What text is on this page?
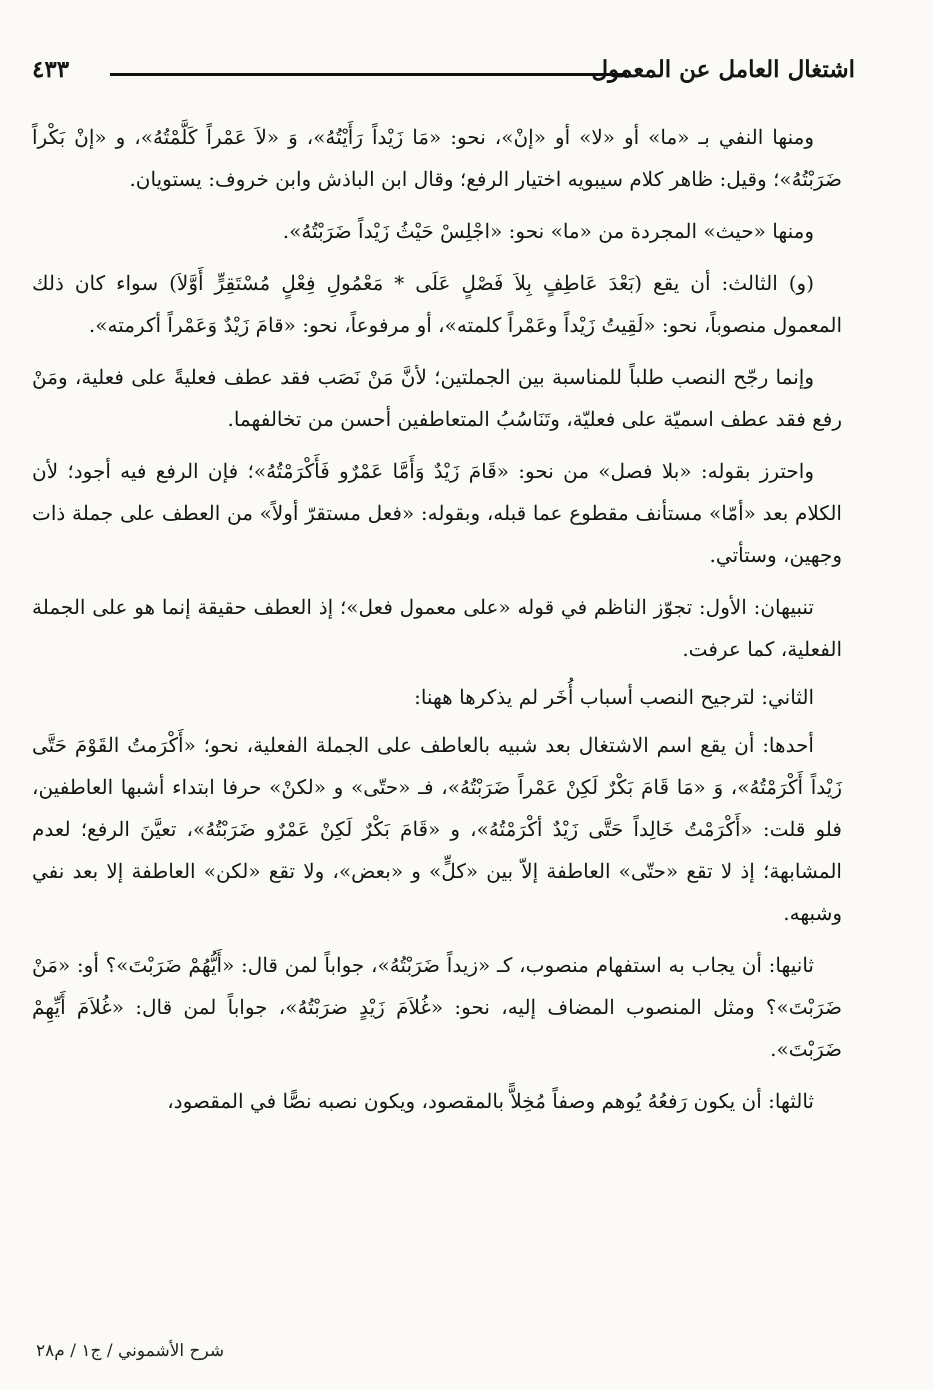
اشتغال العامل عن المعمول
٤٣٣

ومنها النفي بـ «ما» أو «لا» أو «إنْ»، نحو: «مَا زَيْداً رَأَيْتُهُ»، وَ «لاَ عَمْراً كَلَّمْتُهُ»، و «إنْ بَكْراً ضَرَبْتُهُ»؛ وقيل: ظاهر كلام سيبويه اختيار الرفع؛ وقال ابن الباذش وابن خروف: يستويان.

ومنها «حيث» المجردة من «ما» نحو: «اجْلِسْ حَيْثُ زَيْداً ضَرَبْتُهُ».

(و) الثالث: أن يقع (بَعْدَ عَاطِفٍ بِلاَ فَصْلٍ عَلَى * مَعْمُولِ فِعْلٍ مُسْتَقِرٍّ أَوَّلاَ) سواء كان ذلك المعمول منصوباً، نحو: «لَقِيتُ زَيْداً وعَمْراً كلمته»، أو مرفوعاً، نحو: «قامَ زَيْدٌ وَعَمْراً أكرمته».

وإنما رجّح النصب طلباً للمناسبة بين الجملتين؛ لأنَّ مَنْ نَصَب فقد عطف فعليةً على فعلية، ومَنْ رفع فقد عطف اسميّة على فعليّة، وتَنَاسُبُ المتعاطفين أحسن من تخالفهما.

واحترز بقوله: «بلا فصل» من نحو: «قَامَ زَيْدٌ وَأَمَّا عَمْرٌو فَأَكْرَمْتُهُ»؛ فإن الرفع فيه أجود؛ لأن الكلام بعد «أمّا» مستأنف مقطوع عما قبله، وبقوله: «فعل مستقرّ أولاً» من العطف على جملة ذات وجهين، وستأتي.

تنبيهان: الأول: تجوّز الناظم في قوله «على معمول فعل»؛ إذ العطف حقيقة إنما هو على الجملة الفعلية، كما عرفت.

الثاني: لترجيح النصب أسباب أُخَر لم يذكرها ههنا:

أحدها: أن يقع اسم الاشتغال بعد شبيه بالعاطف على الجملة الفعلية، نحو؛ «أَكْرَمتُ القَوْمَ حَتَّى زَيْداً أَكْرَمْتُهُ»، وَ «مَا قَامَ بَكْرٌ لَكِنْ عَمْراً ضَرَبْتُهُ»، فـ «حتّى» و «لكنْ» حرفا ابتداء أشبها العاطفين، فلو قلت: «أَكْرَمْتُ خَالِداً حَتَّى زَيْدٌ أكْرَمْتُهُ»، و «قَامَ بَكْرٌ لَكِنْ عَمْرٌو ضَرَبْتُهُ»، تعيَّنَ الرفع؛ لعدم المشابهة؛ إذ لا تقع «حتّى» العاطفة إلاّ بين «كلٍّ» و «بعض»، ولا تقع «لكن» العاطفة إلا بعد نفي وشبهه.

ثانيها: أن يجاب به استفهام منصوب، كـ «زيداً ضَرَبْتُهُ»، جواباً لمن قال: «أَيُّهُمْ ضَرَبْتَ»؟ أو: «مَنْ ضَرَبْتَ»؟ ومثل المنصوب المضاف إليه، نحو: «غُلاَمَ زَيْدٍ ضرَبْتُهُ»، جواباً لمن قال: «غُلاَمَ أَيِّهِمْ ضَرَبْتَ».

ثالثها: أن يكون رَفعُهُ يُوهم وصفاً مُخِلاًّ بالمقصود، ويكون نصبه نصًّا في المقصود،

شرح الأشموني / ج١ / م٢٨
